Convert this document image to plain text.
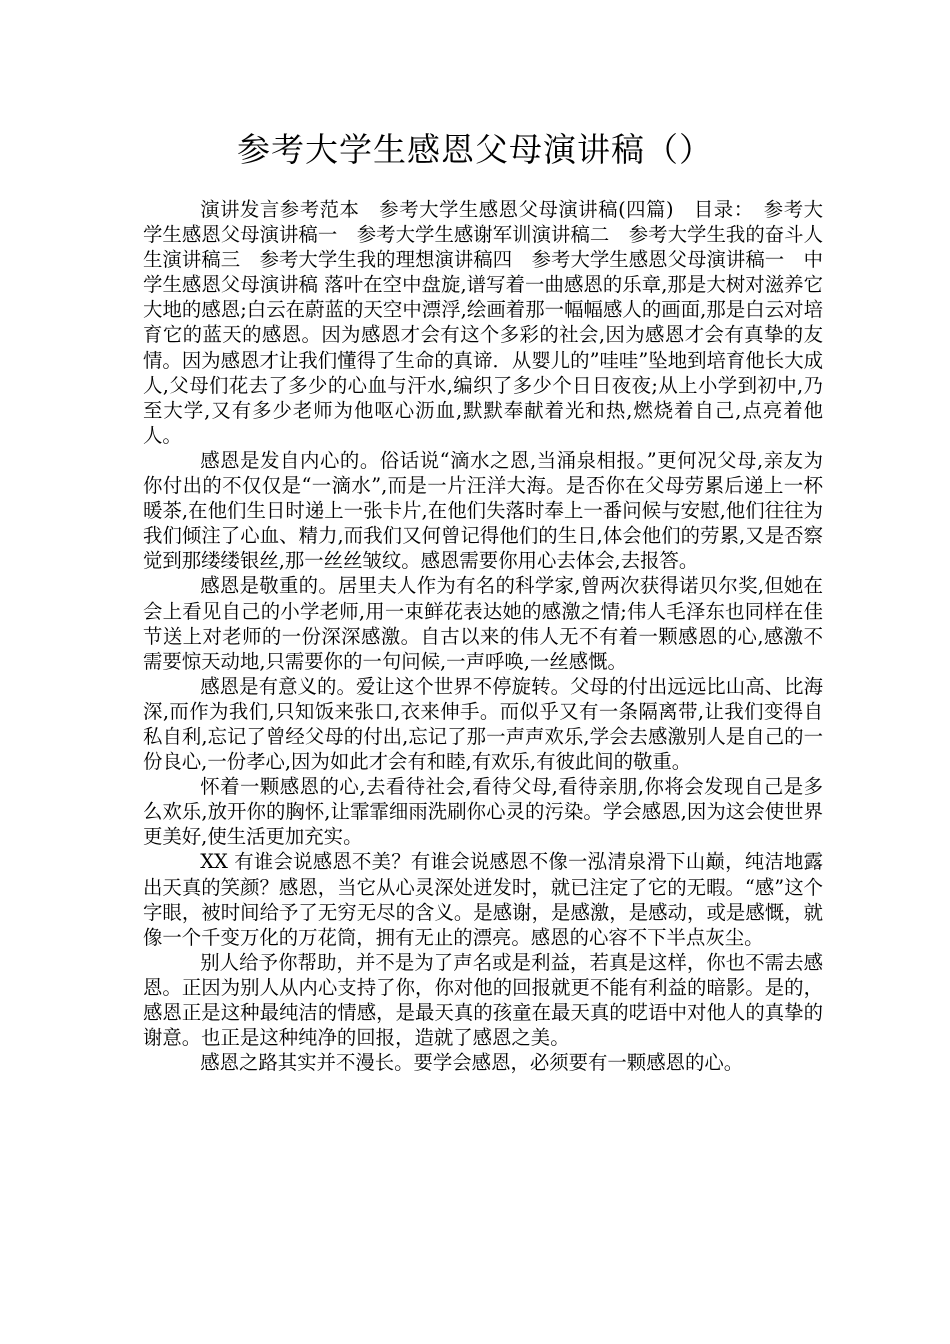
参考大学生感恩父母演讲稿（）

演讲发言参考范本　参考大学生感恩父母演讲稿(四篇)　目录：　参考大学生感恩父母演讲稿一　参考大学生感谢军训演讲稿二　参考大学生我的奋斗人生演讲稿三　参考大学生我的理想演讲稿四　参考大学生感恩父母演讲稿一　中学生感恩父母演讲稿 落叶在空中盘旋,谱写着一曲感恩的乐章,那是大树对滋养它大地的感恩;白云在蔚蓝的天空中漂浮,绘画着那一幅幅感人的画面,那是白云对培育它的蓝天的感恩。因为感恩才会有这个多彩的社会,因为感恩才会有真挚的友情。因为感恩才让我们懂得了生命的真谛．从婴儿的”哇哇”坠地到培育他长大成人,父母们花去了多少的心血与汗水,编织了多少个日日夜夜;从上小学到初中,乃至大学,又有多少老师为他呕心沥血,默默奉献着光和热,燃烧着自己,点亮着他人。

感恩是发自内心的。俗话说“滴水之恩,当涌泉相报。”更何况父母,亲友为你付出的不仅仅是“一滴水”,而是一片汪洋大海。是否你在父母劳累后递上一杯暖茶,在他们生日时递上一张卡片,在他们失落时奉上一番问候与安慰,他们往往为我们倾注了心血、精力,而我们又何曾记得他们的生日,体会他们的劳累,又是否察觉到那缕缕银丝,那一丝丝皱纹。感恩需要你用心去体会,去报答。

感恩是敬重的。居里夫人作为有名的科学家,曾两次获得诺贝尔奖,但她在会上看见自己的小学老师,用一束鲜花表达她的感激之情;伟人毛泽东也同样在佳节送上对老师的一份深深感激。自古以来的伟人无不有着一颗感恩的心,感激不需要惊天动地,只需要你的一句问候,一声呼唤,一丝感慨。

感恩是有意义的。爱让这个世界不停旋转。父母的付出远远比山高、比海深,而作为我们,只知饭来张口,衣来伸手。而似乎又有一条隔离带,让我们变得自私自利,忘记了曾经父母的付出,忘记了那一声声欢乐,学会去感激别人是自己的一份良心,一份孝心,因为如此才会有和睦,有欢乐,有彼此间的敬重。

怀着一颗感恩的心,去看待社会,看待父母,看待亲朋,你将会发现自己是多么欢乐,放开你的胸怀,让霏霏细雨洗刷你心灵的污染。学会感恩,因为这会使世界更美好,使生活更加充实。

XX 有谁会说感恩不美？有谁会说感恩不像一泓清泉滑下山巅，纯洁地露出天真的笑颜？感恩，当它从心灵深处迸发时，就已注定了它的无暇。“感”这个字眼，被时间给予了无穷无尽的含义。是感谢，是感激，是感动，或是感慨，就像一个千变万化的万花筒，拥有无止的漂亮。感恩的心容不下半点灰尘。

别人给予你帮助，并不是为了声名或是利益，若真是这样，你也不需去感恩。正因为别人从内心支持了你，你对他的回报就更不能有利益的暗影。是的，感恩正是这种最纯洁的情感，是最天真的孩童在最天真的呓语中对他人的真挚的谢意。也正是这种纯净的回报，造就了感恩之美。

感恩之路其实并不漫长。要学会感恩，必须要有一颗感恩的心。
